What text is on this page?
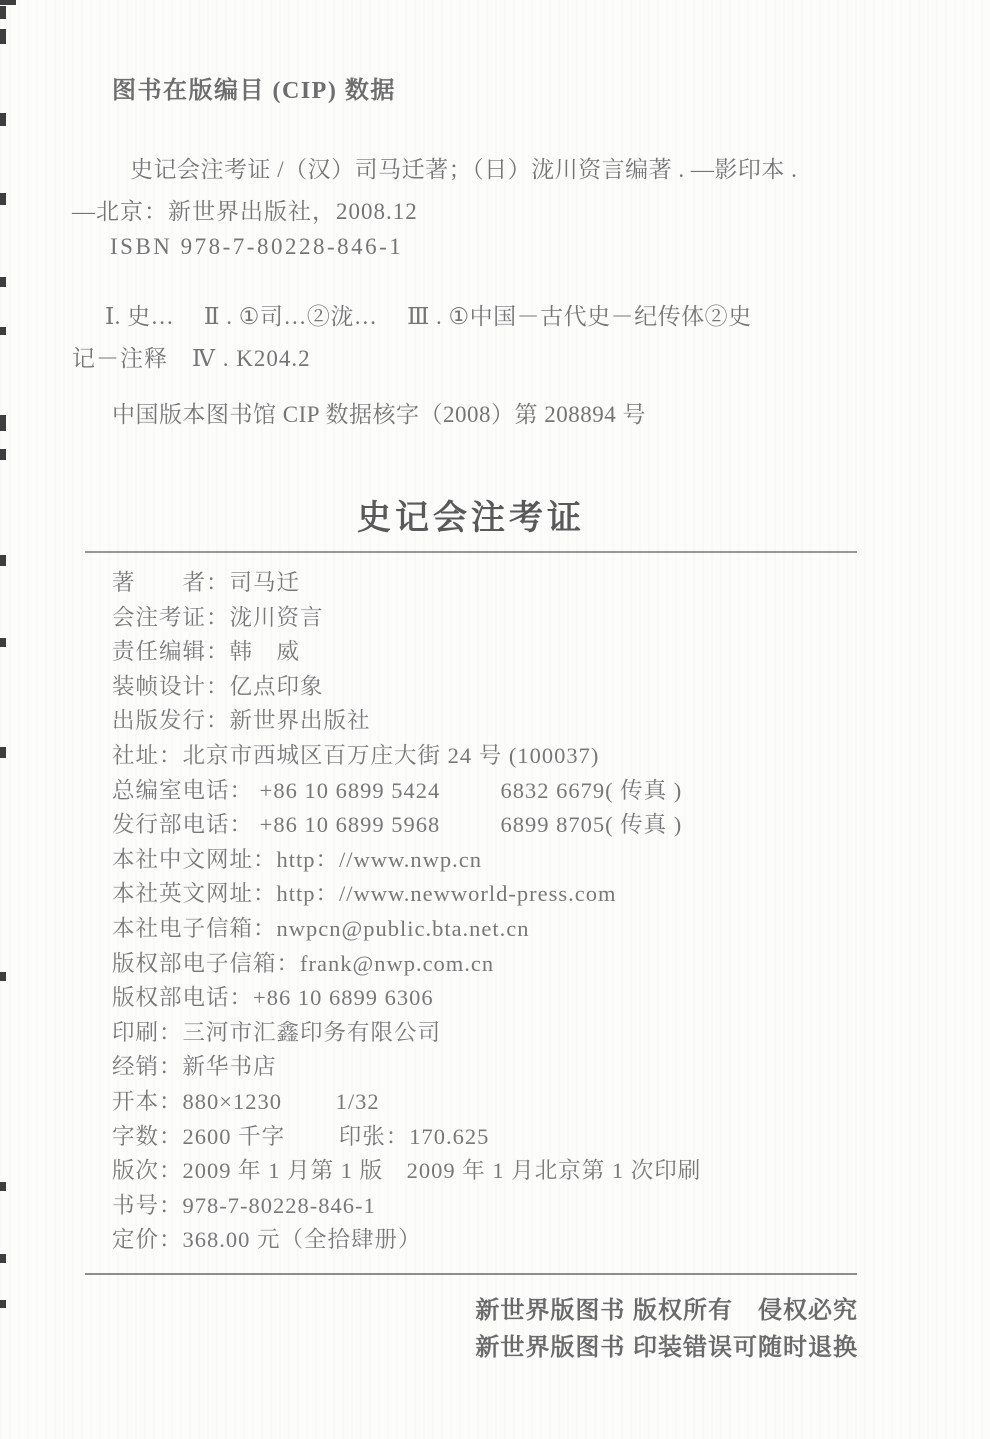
图书在版编目 (CIP) 数据
史记会注考证 /（汉）司马迁著；（日）泷川资言编著 . —影印本 .
—北京：新世界出版社，2008.12
ISBN 978-7-80228-846-1
Ⅰ. 史…　 Ⅱ . ①司…②泷…　 Ⅲ . ①中国－古代史－纪传体②史
记－注释　Ⅳ . K204.2
中国版本图书馆 CIP 数据核字（2008）第 208894 号
史记会注考证
著　　者：司马迁
会注考证：泷川资言
责任编辑：韩　威
装帧设计：亿点印象
出版发行：新世界出版社
社址：北京市西城区百万庄大街 24 号 (100037)
总编室电话： +86 10 6899 5424　　  6832 6679( 传真 )
发行部电话： +86 10 6899 5968　　  6899 8705( 传真 )
本社中文网址：http：//www.nwp.cn
本社英文网址：http：//www.newworld-press.com
本社电子信箱：nwpcn@public.bta.net.cn
版权部电子信箱：frank@nwp.com.cn
版权部电话：+86 10 6899 6306
印刷：三河市汇鑫印务有限公司
经销：新华书店
开本：880×1230　　 1/32
字数：2600 千字　　 印张：170.625
版次：2009 年 1 月第 1 版　2009 年 1 月北京第 1 次印刷
书号：978-7-80228-846-1
定价：368.00 元（全拾肆册）
新世界版图书 版权所有　侵权必究
新世界版图书 印装错误可随时退换
